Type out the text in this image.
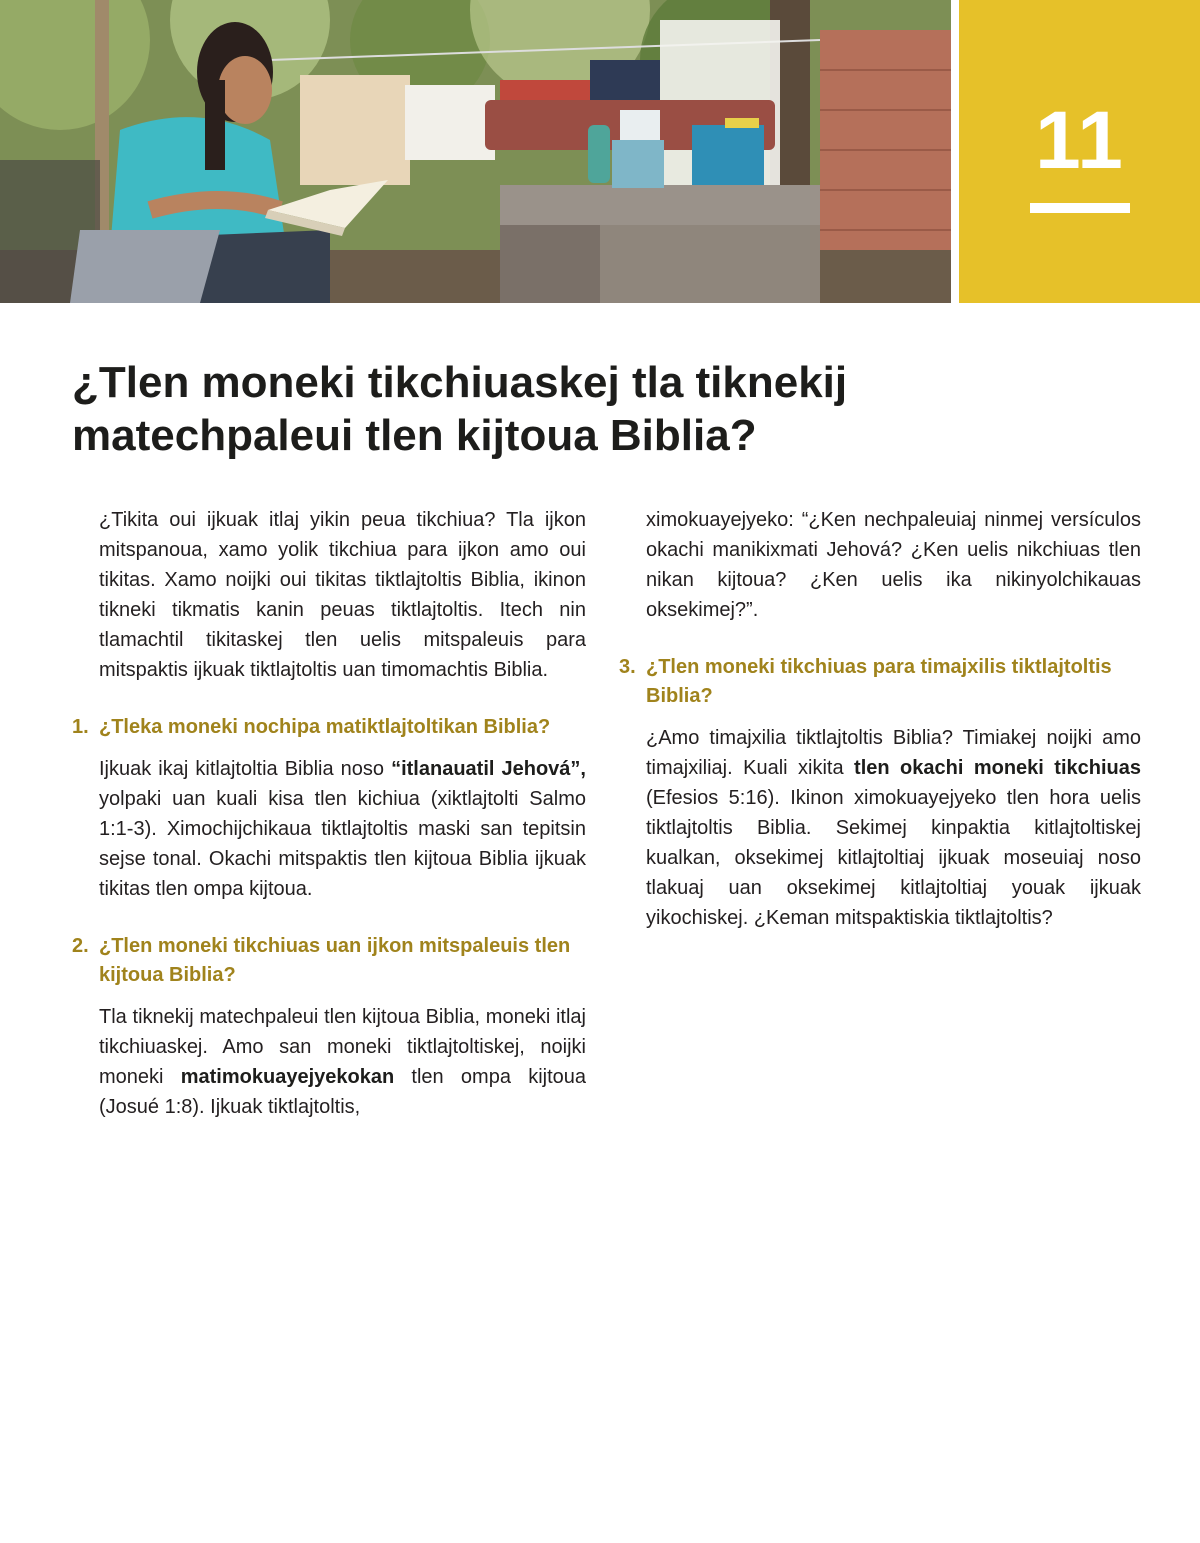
11
¿Tlen moneki tikchiuaskej tla tiknekij matechpaleui tlen kijtoua Biblia?

¿Tikita oui ijkuak itlaj yikin peua tikchiua? Tla ijkon mitspanoua, xamo yolik tikchiua para ijkon amo oui tikitas. Xamo noijki oui tikitas tiktlajtoltis Biblia, ikinon tikneki tikmatis kanin peuas tiktlajtoltis. Itech nin tlamachtil tikitaskej tlen uelis mitspaleuis para mitspaktis ijkuak tiktlajtoltis uan timomachtis Biblia.

1. ¿Tleka moneki nochipa matiktlajtoltikan Biblia?

Ijkuak ikaj kitlajtoltia Biblia noso “itlanauatil Jehová”, yolpaki uan kuali kisa tlen kichiua (xiktlajtolti Salmo 1:1-3). Ximochijchikaua tiktlajtoltis maski san tepitsin sejse tonal. Okachi mitspaktis tlen kijtoua Biblia ijkuak tikitas tlen ompa kijtoua.

2. ¿Tlen moneki tikchiuas uan ijkon mitspaleuis tlen kijtoua Biblia?

Tla tiknekij matechpaleui tlen kijtoua Biblia, moneki itlaj tikchiuaskej. Amo san moneki tiktlajtoltiskej, noijki moneki matimokuayejyekokan tlen ompa kijtoua (Josué 1:8). Ijkuak tiktlajtoltis,

ximokuayejyeko: “¿Ken nechpaleuiaj ninmej versículos okachi manikixmati Jehová? ¿Ken uelis nikchiuas tlen nikan kijtoua? ¿Ken uelis ika nikinyolchikauas oksekimej?”.

3. ¿Tlen moneki tikchiuas para timajxilis tiktlajtoltis Biblia?

¿Amo timajxilia tiktlajtoltis Biblia? Timiakej noijki amo timajxiliaj. Kuali xikita tlen okachi moneki tikchiuas (Efesios 5:16). Ikinon ximokuayejyeko tlen hora uelis tiktlajtoltis Biblia. Sekimej kinpaktia kitlajtoltiskej kualkan, oksekimej kitlajtoltiaj ijkuak moseuiaj noso tlakuaj uan oksekimej kitlajtoltiaj youak ijkuak yikochiskej. ¿Keman mitspaktiskia tiktlajtoltis?
